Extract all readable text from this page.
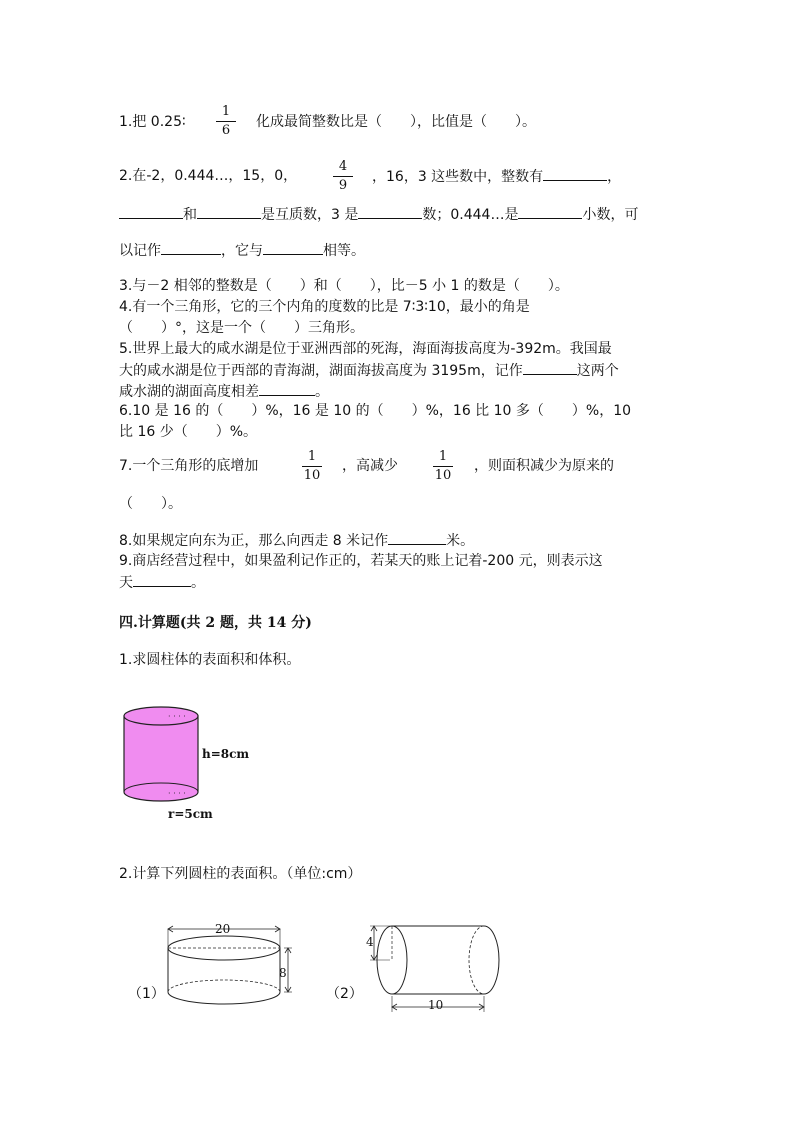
1.把 0.25∶
1
6
化成最简整数比是（　　），比值是（　　）。
2.在-2，0.444…，15，0，
4
9
，16，3 这些数中，整数有	，
和	是互质数，3 是	数；0.444…是	小数，可
以记作	，它与	相等。
3.与－2 相邻的整数是（　　）和（　　），比－5 小 1 的数是（　　）。
4.有一个三角形，它的三个内角的度数的比是 7∶3∶10，最小的角是
（　　）°，这是一个（　　）三角形。
5.世界上最大的咸水湖是位于亚洲西部的死海，海面海拔高度为-392m。我国最
大的咸水湖是位于西部的青海湖，湖面海拔高度为 3195m，记作	这两个
咸水湖的湖面高度相差	。
6.10 是 16 的（　　）%，16 是 10 的（　　）%，16 比 10 多（　　）%，10
比 16 少（　　）%。
7.一个三角形的底增加
1
10
，高减少
1
10
，则面积减少为原来的
（　　）。
8.如果规定向东为正，那么向西走 8 米记作	米。
9.商店经营过程中，如果盈利记作正的，若某天的账上记着-200 元，则表示这
天	。
四.计算题(共 2 题，共 14 分)
1.求圆柱体的表面积和体积。
· · · ·
· · · ·
h=8cm
r=5cm
2.计算下列圆柱的表面积。（单位:cm）
（1）
20
8
（2）
4
10
